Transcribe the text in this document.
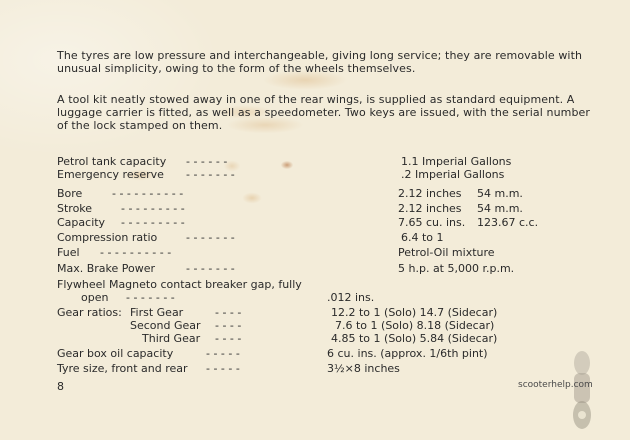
The tyres are low pressure and interchangeable, giving long service; they are removable with
unusual simplicity, owing to the form of the wheels themselves.

A tool kit neatly stowed away in one of the rear wings, is supplied as standard equipment. A
luggage carrier is fitted, as well as a speedometer. Two keys are issued, with the serial number
of the lock stamped on them.

Petrol tank capacity - - - - - -	1.1 Imperial Gallons
Emergency reserve - - - - - - -	.2 Imperial Gallons
Bore	- - - - - - - - - -	2.12 inches 54 m.m.
Stroke	- - - - - - - - -	2.12 inches 54 m.m.
Capacity - - - - - - - - -	7.65 cu. ins. 123.67 c.c.
Compression ratio	- - - - - - -	6.4 to 1
Fuel - - - - - - - - - -	Petrol-Oil mixture
Max. Brake Power	- - - - - - -	5 h.p. at 5,000 r.p.m.
Flywheel Magneto contact breaker gap, fully
open - - - - - - -	.012 ins.
Gear ratios: First Gear	- - - -	12.2 to 1 (Solo) 14.7 (Sidecar)
Second Gear - - - -	7.6 to 1 (Solo) 8.18 (Sidecar)
Third Gear - - - -	4.85 to 1 (Solo) 5.84 (Sidecar)
Gear box oil capacity	- - - - -	6 cu. ins. (approx. 1/6th pint)
Tyre size, front and rear - - - - -	3½×8 inches
8	scooterhelp.com
